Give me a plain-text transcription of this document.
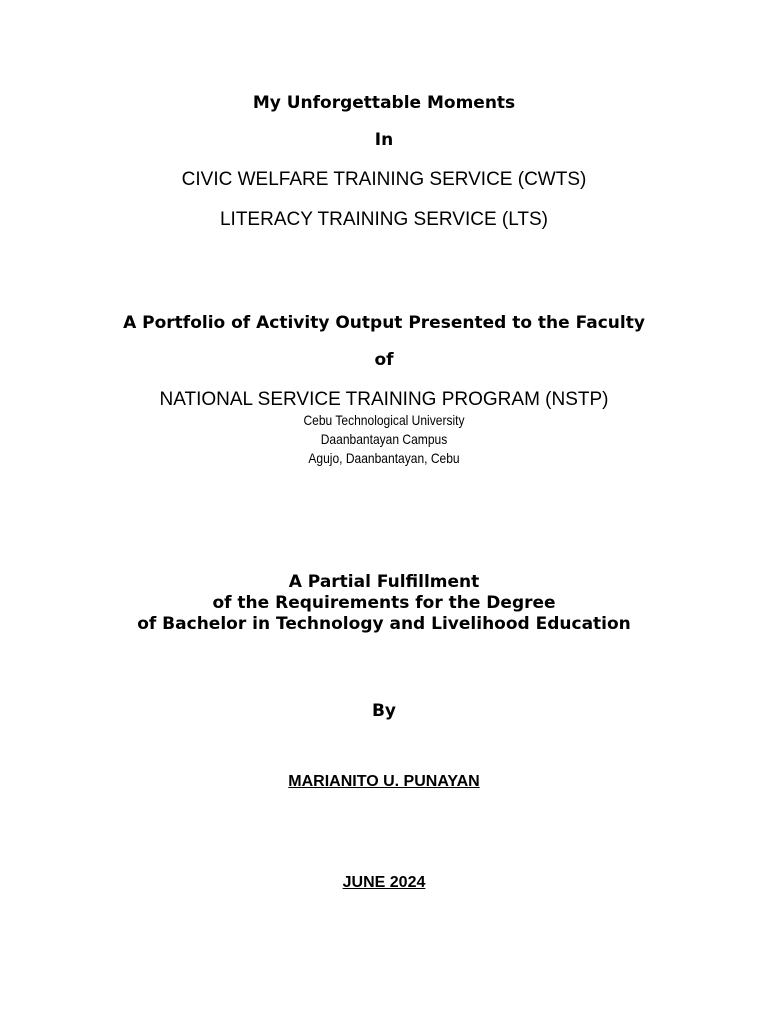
My Unforgettable Moments

In

CIVIC WELFARE TRAINING SERVICE (CWTS)

LITERACY TRAINING SERVICE (LTS)

A Portfolio of Activity Output Presented to the Faculty

of

NATIONAL SERVICE TRAINING PROGRAM (NSTP)

Cebu Technological University

Daanbantayan Campus

Agujo, Daanbantayan, Cebu

A Partial Fulfillment

of the Requirements for the Degree

of Bachelor in Technology and Livelihood Education

By

MARIANITO U. PUNAYAN

JUNE 2024
